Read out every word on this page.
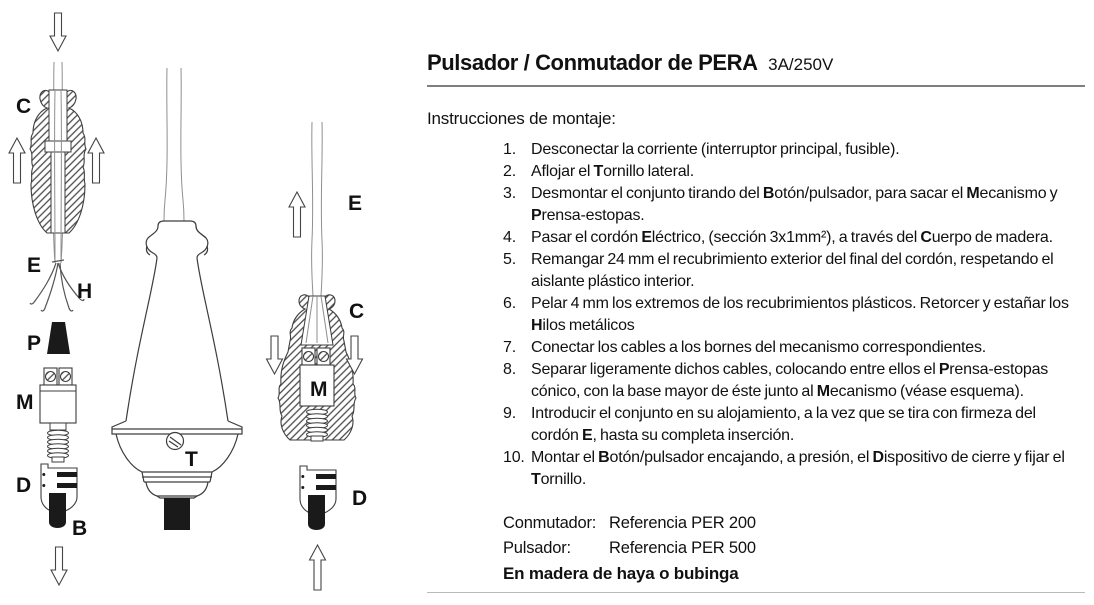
C
E
H
P
M
D
B
T
E
C
M
D
Pulsador / Conmutador de PERA 3A/250V
Instrucciones de montaje:
1. Desconectar la corriente (interruptor principal, fusible).
2. Aflojar el Tornillo lateral.
3. Desmontar el conjunto tirando del Botón/pulsador, para sacar el Mecanismo y Prensa-estopas.
4. Pasar el cordón Eléctrico, (sección 3x1mm²), a través del Cuerpo de madera.
5. Remangar 24 mm el recubrimiento exterior del final del cordón, respetando el aislante plástico interior.
6. Pelar 4 mm los extremos de los recubrimientos plásticos. Retorcer y estañar los Hilos metálicos
7. Conectar los cables a los bornes del mecanismo correspondientes.
8. Separar ligeramente dichos cables, colocando entre ellos el Prensa-estopas cónico, con la base mayor de éste junto al Mecanismo (véase esquema).
9. Introducir el conjunto en su alojamiento, a la vez que se tira con firmeza del cordón E, hasta su completa inserción.
10. Montar el Botón/pulsador encajando, a presión, el Dispositivo de cierre y fijar el Tornillo.
Conmutador: Referencia PER 200
Pulsador:	Referencia PER 500
En madera de haya o bubinga
